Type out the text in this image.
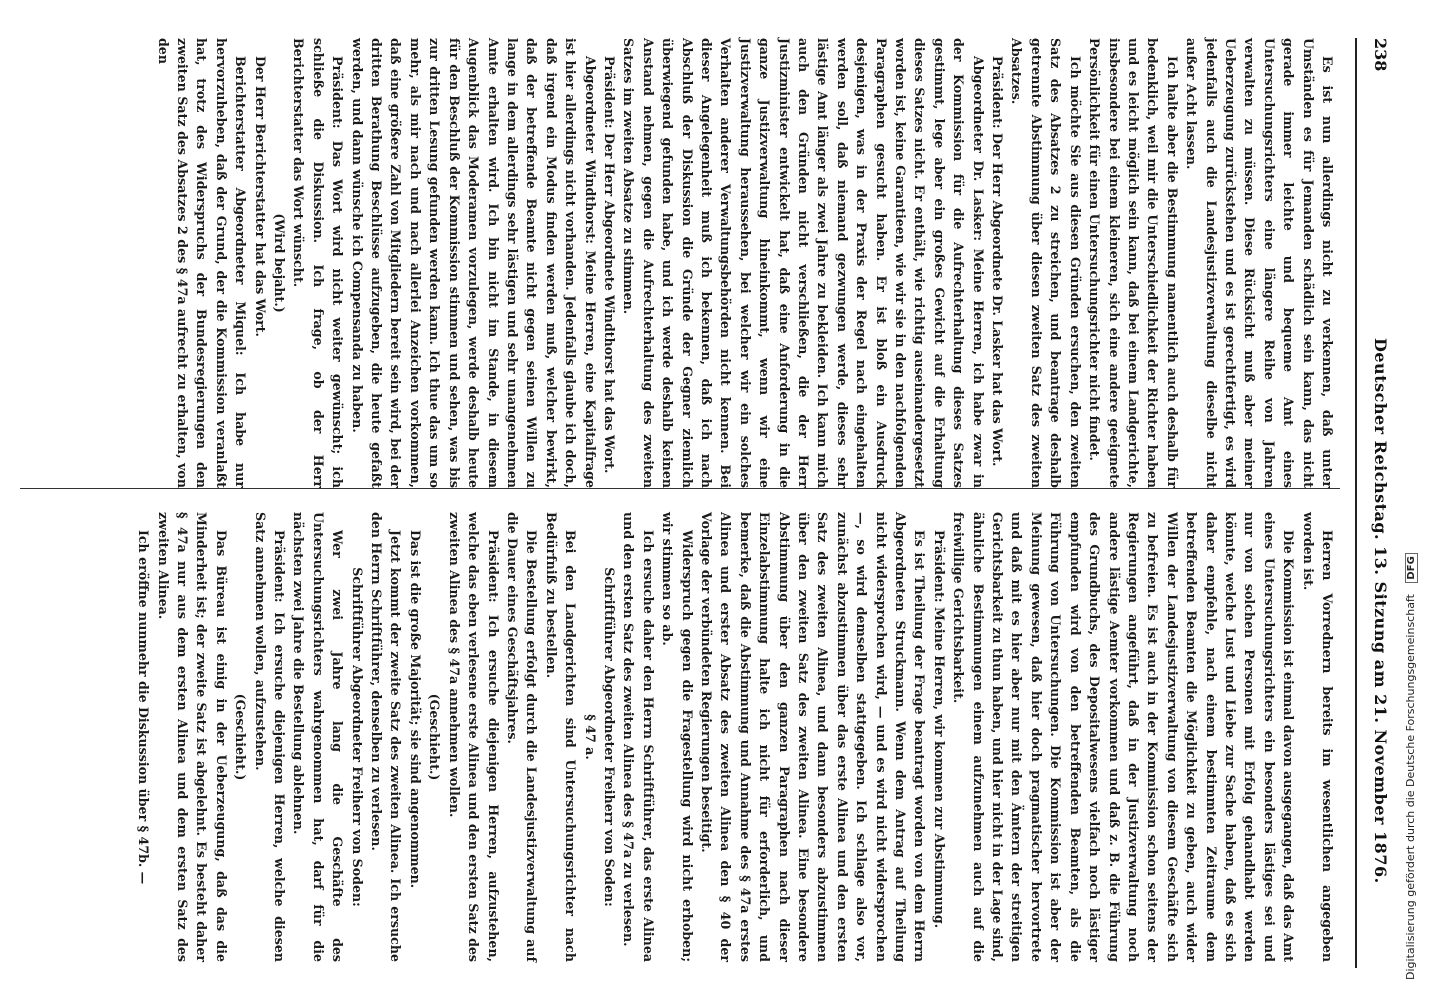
238
Deutscher Reichstag. 13. Sitzung am 21. November 1876.

Es ist nun allerdings nicht zu verkennen, daß unter Umständen es für Jemanden schädlich sein kann, das nicht gerade immer leichte und bequeme Amt eines Untersuchungsrichters eine längere Reihe von Jahren verwalten zu müssen. Diese Rücksicht muß aber meiner Ueberzeugung zurückstehen und es ist gerechtfertigt, es wird jedenfalls auch die Landesjustizverwaltung dieselbe nicht außer Acht lassen.

Ich halte aber die Bestimmung namentlich auch deshalb für bedenklich, weil mir die Unterschiedlichkeit der Richter haben und es leicht möglich sein kann, daß bei einem Landgerichte, insbesondere bei einem kleineren, sich eine andere geeignete Persönlichkeit für einen Untersuchungsrichter nicht findet.

Ich möchte Sie aus diesen Gründen ersuchen, den zweiten Satz des Absatzes 2 zu streichen, und beantrage deshalb getrennte Abstimmung über diesen zweiten Satz des zweiten Absatzes.

Präsident: Der Herr Abgeordnete Dr. Lasker hat das Wort.

Abgeordneter Dr. Lasker: Meine Herren, ich habe zwar in der Kommission für die Aufrechterhaltung dieses Satzes gestimmt, lege aber ein großes Gewicht auf die Erhaltung dieses Satzes nicht. Er enthält, wie richtig auseinandergesetzt worden ist, keine Garantieen, wie wir sie in den nachfolgenden Paragraphen gesucht haben. Er ist bloß ein Ausdruck desjenigen, was in der Praxis der Regel nach eingehalten werden soll, daß niemand gezwungen werde, dieses sehr lästige Amt länger als zwei Jahre zu bekleiden. Ich kann mich auch den Gründen nicht verschließen, die der Herr Justizminister entwickelt hat, daß eine Anforderung in die ganze Justizverwaltung hineinkommt, wenn wir eine Justizverwaltung heraussehen, bei welcher wir ein solches Verhalten anderer Verwaltungsbehörden nicht kennen. Bei dieser Angelegenheit muß ich bekennen, daß ich nach Abschluß der Diskussion die Gründe der Gegner ziemlich überwiegend gefunden habe, und ich werde deshalb keinen Anstand nehmen, gegen die Aufrechterhaltung des zweiten Satzes im zweiten Absatze zu stimmen.

Präsident: Der Herr Abgeordnete Windthorst hat das Wort.

Abgeordneter Windthorst: Meine Herren, eine Kapitalfrage ist hier allerdings nicht vorhanden. Jedenfalls glaube ich doch, daß irgend ein Modus finden werden muß, welcher bewirkt, daß der betreffende Beamte nicht gegen seinen Willen zu lange in dem allerdings sehr lästigen und sehr unangenehmen Amte erhalten wird. Ich bin nicht im Stande, in diesem Augenblick das Moderamen vorzulegen, werde deshalb heute für den Beschluß der Kommission stimmen und sehen, was bis zur dritten Lesung gefunden werden kann. Ich thue das um so mehr, als mir nach und nach allerlei Anzeichen vorkommen, daß eine größere Zahl von Mitgliedern bereit sein wird, bei der dritten Berathung Beschlüsse aufzugeben, die heute gefaßt werden, und dann wünsche ich Compensanda zu haben.

Präsident: Das Wort wird nicht weiter gewünscht; ich schließe die Diskussion. Ich frage, ob der Herr Berichterstatter das Wort wünscht.

(Wird bejaht.)

Der Herr Berichterstatter hat das Wort.

Berichterstatter Abgeordneter Miquel: Ich habe nur hervorzuheben, daß der Grund, der die Kommission veranlaßt hat, trotz des Widerspruchs der Bundesregierungen den zweiten Satz des Absatzes 2 des § 47a aufrecht zu erhalten, von den

Herren Vorrednern bereits im wesentlichen angegeben worden ist.

Die Kommission ist einmal davon ausgegangen, daß das Amt eines Untersuchungsrichters ein besonders lästiges sei und nur von solchen Personen mit Erfolg gehandhabt werden könnte, welche Lust und Liebe zur Sache haben, daß es sich daher empfehle, nach einem bestimmten Zeitraume dem betreffenden Beamten die Möglichkeit zu geben, auch wider Willen der Landesjustizverwaltung von diesem Geschäfte sich zu befreien. Es ist auch in der Kommission schon seitens der Regierungen angeführt, daß in der Justizverwaltung noch andere lästige Aemter vorkommen und daß z. B. die Führung des Grundbuchs, des Depositalwesens vielfach noch lästiger empfunden wird von den betreffenden Beamten, als die Führung von Untersuchungen. Die Kommission ist aber der Meinung gewesen, daß hier doch pragmatischer hervortrete und daß mit es hier aber nur mit den Ämtern der streitigen Gerichtsbarkeit zu thun haben, und hier nicht in der Lage sind, ähnliche Bestimmungen einem aufzunehmen auch auf die freiwillige Gerichtsbarkeit.

Präsident: Meine Herren, wir kommen zur Abstimmung.

Es ist Theilung der Frage beantragt worden von dem Herrn Abgeordneten Struckmann. Wenn dem Antrag auf Theilung nicht widersprochen wird, — und es wird nicht widersprochen —, so wird demselben stattgegeben. Ich schlage also vor, zunächst abzustimmen über das erste Alinea und den ersten Satz des zweiten Alinea, und dann besonders abzustimmen über den zweiten Satz des zweiten Alinea. Eine besondere Abstimmung über den ganzen Paragraphen nach dieser Einzelabstimmung halte ich nicht für erforderlich, und bemerke, daß die Abstimmung und Annahme des § 47a erstes Alinea und erster Absatz des zweiten Alinea den § 40 der Vorlage der verbündeten Regierungen beseitigt.

Widerspruch gegen die Fragestellung wird nicht erhoben; wir stimmen so ab.

Ich ersuche daher den Herrn Schriftführer, das erste Alinea und den ersten Satz des zweiten Alinea des § 47a zu verlesen.

Schriftführer Abgeordneter Freiherr von Soden:

§ 47 a.

Bei den Landgerichten sind Untersuchungsrichter nach Bedürfniß zu bestellen.

Die Bestellung erfolgt durch die Landesjustizverwaltung auf die Dauer eines Geschäftsjahres.

Präsident: Ich ersuche diejenigen Herren, aufzustehen, welche das eben verlesene erste Alinea und den ersten Satz des zweiten Alinea des § 47a annehmen wollen.

(Geschieht.)

Das ist die große Majorität; sie sind angenommen.

Jetzt kommt der zweite Satz des zweiten Alinea. Ich ersuche den Herrn Schriftführer, denselben zu verlesen.

Schriftführer Abgeordneter Freiherr von Soden:

Wer zwei Jahre lang die Geschäfte des Untersuchungsrichters wahrgenommen hat, darf für die nächsten zwei Jahre die Bestellung ablehnen.

Präsident: Ich ersuche diejenigen Herren, welche diesen Satz annehmen wollen, aufzustehen.

(Geschieht.)

Das Büreau ist einig in der Ueberzeugung, daß das die Minderheit ist; der zweite Satz ist abgelehnt. Es besteht daher § 47a nur aus dem ersten Alinea und dem ersten Satz des zweiten Alinea.

Ich eröffne nunmehr die Diskussion über § 47b. —	Digitalisierung gefördert durch die Deutsche Forschungsgemeinschaft DFG
